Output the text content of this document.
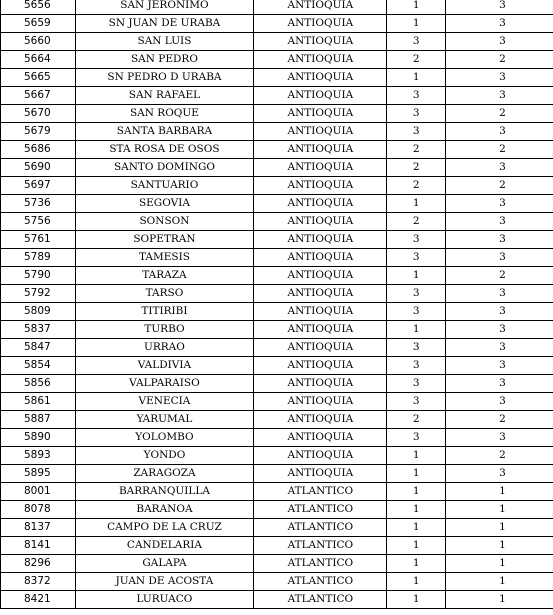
5656	SAN JERONIMO	ANTIOQUIA	1	3
5659	SN JUAN DE URABA	ANTIOQUIA	1	3
5660	SAN LUIS	ANTIOQUIA	3	3
5664	SAN PEDRO	ANTIOQUIA	2	2
5665	SN PEDRO D URABA	ANTIOQUIA	1	3
5667	SAN RAFAEL	ANTIOQUIA	3	3
5670	SAN ROQUE	ANTIOQUIA	3	2
5679	SANTA BARBARA	ANTIOQUIA	3	3
5686	STA ROSA DE OSOS	ANTIOQUIA	2	2
5690	SANTO DOMINGO	ANTIOQUIA	2	3
5697	SANTUARIO	ANTIOQUIA	2	2
5736	SEGOVIA	ANTIOQUIA	1	3
5756	SONSON	ANTIOQUIA	2	3
5761	SOPETRAN	ANTIOQUIA	3	3
5789	TAMESIS	ANTIOQUIA	3	3
5790	TARAZA	ANTIOQUIA	1	2
5792	TARSO	ANTIOQUIA	3	3
5809	TITIRIBI	ANTIOQUIA	3	3
5837	TURBO	ANTIOQUIA	1	3
5847	URRAO	ANTIOQUIA	3	3
5854	VALDIVIA	ANTIOQUIA	3	3
5856	VALPARAISO	ANTIOQUIA	3	3
5861	VENECIA	ANTIOQUIA	3	3
5887	YARUMAL	ANTIOQUIA	2	2
5890	YOLOMBO	ANTIOQUIA	3	3
5893	YONDO	ANTIOQUIA	1	2
5895	ZARAGOZA	ANTIOQUIA	1	3
8001	BARRANQUILLA	ATLANTICO	1	1
8078	BARANOA	ATLANTICO	1	1
8137	CAMPO DE LA CRUZ	ATLANTICO	1	1
8141	CANDELARIA	ATLANTICO	1	1
8296	GALAPA	ATLANTICO	1	1
8372	JUAN DE ACOSTA	ATLANTICO	1	1
8421	LURUACO	ATLANTICO	1	1
